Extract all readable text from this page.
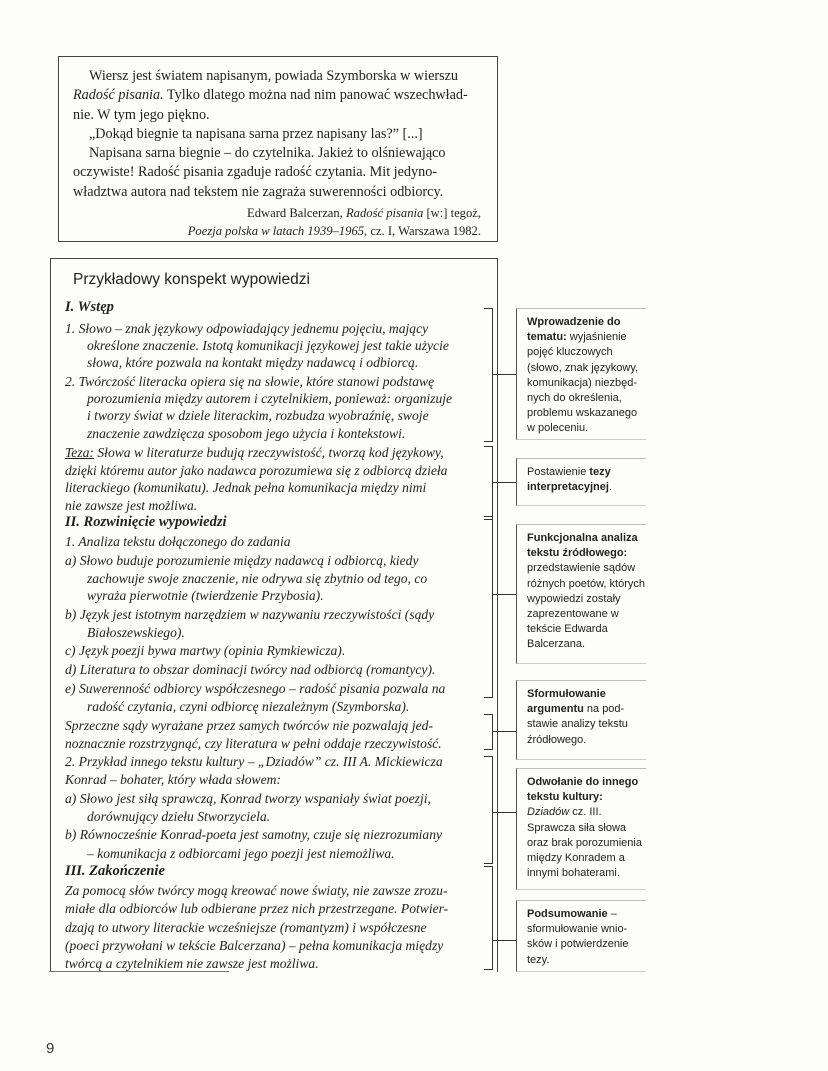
Wiersz jest światem napisanym, powiada Szymborska w wierszu

Radość pisania. Tylko dlatego można nad nim panować wszechwład-

nie. W tym jego piękno.

„Dokąd biegnie ta napisana sarna przez napisany las?” [...]

Napisana sarna biegnie – do czytelnika. Jakież to olśniewająco

oczywiste! Radość pisania zgaduje radość czytania. Mit jedyno-

władztwa autora nad tekstem nie zagraża suwerenności odbiorcy.

Edward Balcerzan, Radość pisania [w:] tegoż,

Poezja polska w latach 1939–1965, cz. I, Warszawa 1982.

Przykładowy konspekt wypowiedzi
Teza: Słowa w literaturze budują rzeczywistość, tworzą kod językowy,
I. Wstęp
1. Słowo – znak językowy odpowiadający jednemu pojęciu, mający
określone znaczenie. Istotą komunikacji językowej jest takie użycie
słowa, które pozwala na kontakt między nadawcą i odbiorcą.
2. Twórczość literacka opiera się na słowie, które stanowi podstawę
porozumienia między autorem i czytelnikiem, ponieważ: organizuje
i tworzy świat w dziele literackim, rozbudza wyobraźnię, swoje
znaczenie zawdzięcza sposobom jego użycia i kontekstowi.
dzięki któremu autor jako nadawca porozumiewa się z odbiorcą dzieła
literackiego (komunikatu). Jednak pełna komunikacja między nimi
nie zawsze jest możliwa.
II. Rozwinięcie wypowiedzi
1. Analiza tekstu dołączonego do zadania
a) Słowo buduje porozumienie między nadawcą i odbiorcą, kiedy
zachowuje swoje znaczenie, nie odrywa się zbytnio od tego, co
wyraża pierwotnie (twierdzenie Przybosia).
b) Język jest istotnym narzędziem w nazywaniu rzeczywistości (sądy
Białoszewskiego).
c) Język poezji bywa martwy (opinia Rymkiewicza).
d) Literatura to obszar dominacji twórcy nad odbiorcą (romantycy).
e) Suwerenność odbiorcy współczesnego – radość pisania pozwala na
radość czytania, czyni odbiorcę niezależnym (Szymborska).
Sprzeczne sądy wyrażane przez samych twórców nie pozwalają jed-
noznacznie rozstrzygnąć, czy literatura w pełni oddaje rzeczywistość.
2. Przykład innego tekstu kultury – „Dziadów” cz. III A. Mickiewicza
Konrad – bohater, który włada słowem:
a) Słowo jest siłą sprawczą, Konrad tworzy wspaniały świat poezji,
dorównujący dziełu Stworzyciela.
b) Równocześnie Konrad-poeta jest samotny, czuje się niezrozumiany
– komunikacja z odbiorcami jego poezji jest niemożliwa.
III. Zakończenie
Za pomocą słów twórcy mogą kreować nowe światy, nie zawsze zrozu-
miałe dla odbiorców lub odbierane przez nich przestrzegane. Potwier-
dzają to utwory literackie wcześniejsze (romantyzm) i współczesne
(poeci przywołani w tekście Balcerzana) – pełna komunikacja między
twórcą a czytelnikiem nie zawsze jest możliwa.
Wprowadzenie do tematu: wyjaśnienie pojęć kluczowych (słowo, znak językowy, komunikacja) niezbędnych do określenia, problemu wskazanego w poleceniu.
Postawienie tezy interpretacyjnej.
Funkcjonalna analiza tekstu źródłowego: przedstawienie sądów różnych poetów, których wypowiedzi zostały zaprezentowane w tekście Edwarda Balcerzana.
Sformułowanie argumentu na podstawie analizy tekstu źródłowego.
Odwołanie do innego tekstu kultury:
Dziadów cz. III. Sprawcza siła słowa oraz brak porozumienia między Konradem a innymi bohaterami.
Podsumowanie – sformułowanie wniosków i potwierdzenie tezy.
9
